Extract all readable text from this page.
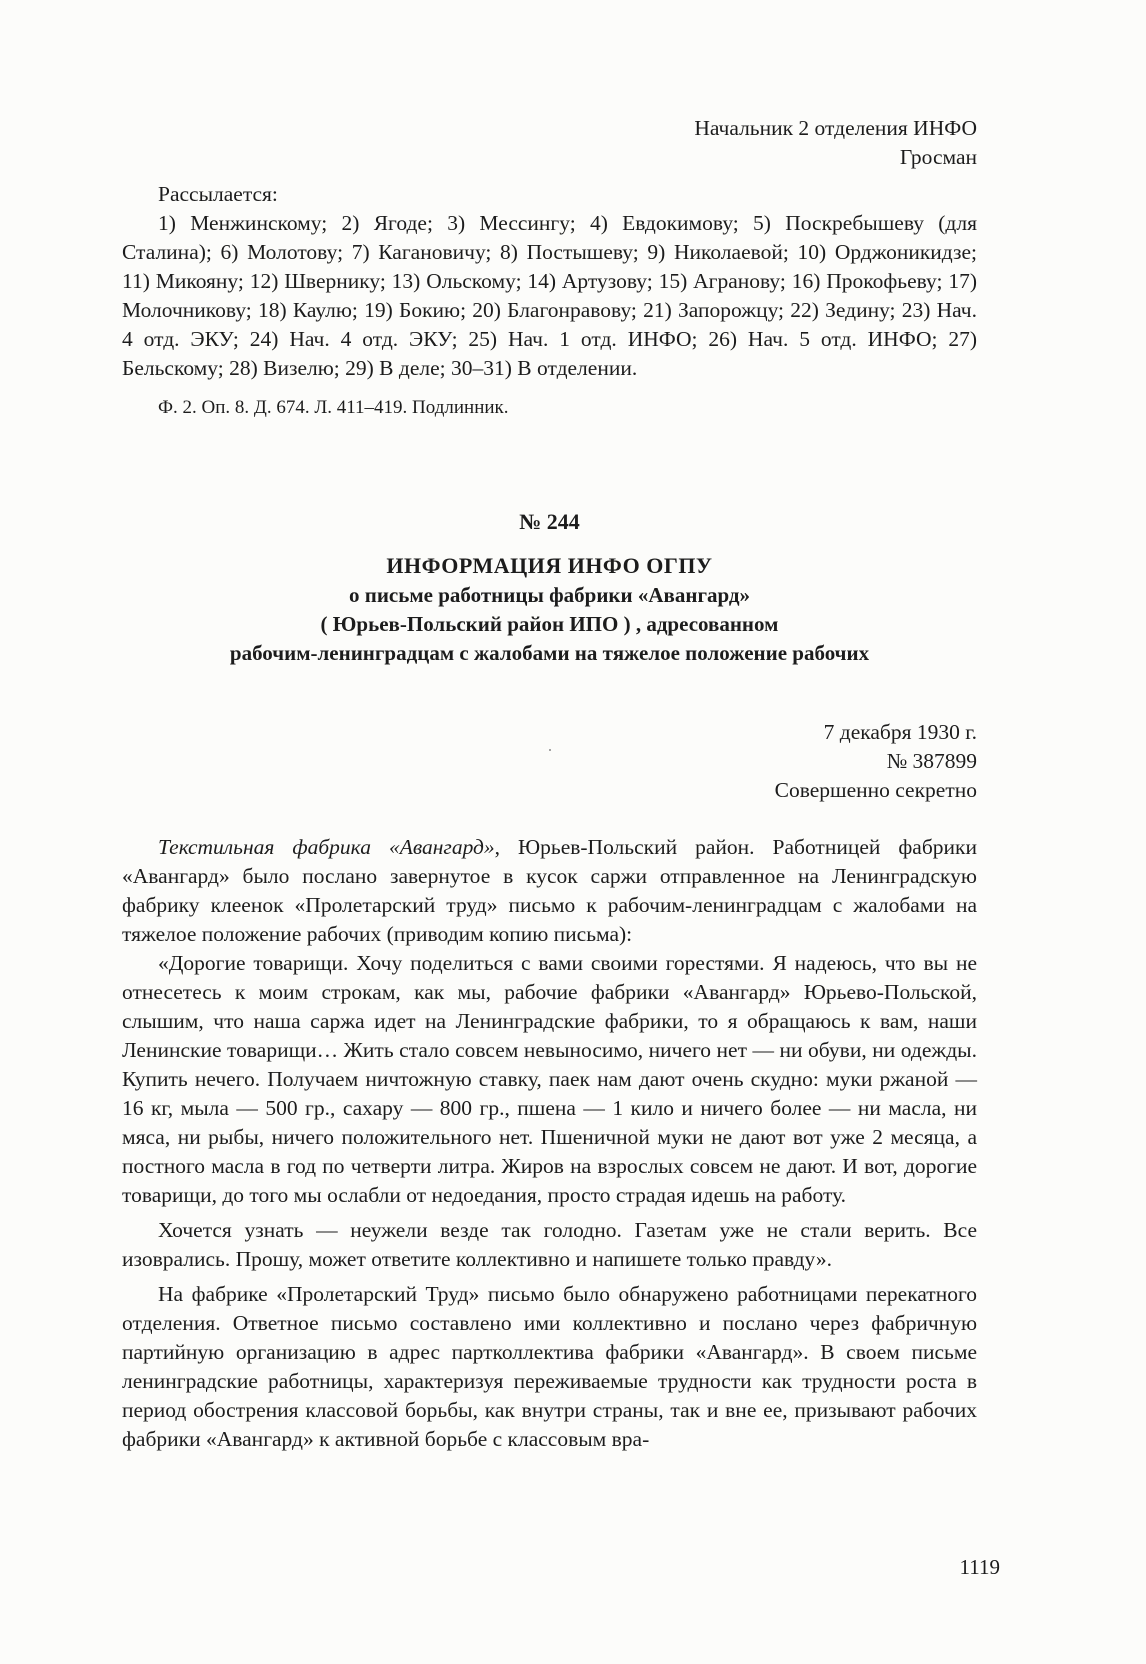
Начальник 2 отделения ИНФО

Гросман

Рассылается:

1) Менжинскому; 2) Ягоде; 3) Мессингу; 4) Евдокимову; 5) Поскребышеву (для Сталина); 6) Молотову; 7) Кагановичу; 8) Постышеву; 9) Николаевой; 10) Орджоникидзе; 11) Микояну; 12) Швернику; 13) Ольскому; 14) Артузову; 15) Агранову; 16) Прокофьеву; 17) Молочникову; 18) Каулю; 19) Бокию; 20) Благонравову; 21) Запорожцу; 22) Зедину; 23) Нач. 4 отд. ЭКУ; 24) Нач. 4 отд. ЭКУ; 25) Нач. 1 отд. ИНФО; 26) Нач. 5 отд. ИНФО; 27) Бельскому; 28) Визелю; 29) В деле; 30–31) В отделении.

Ф. 2. Оп. 8. Д. 674. Л. 411–419. Подлинник.

№ 244
ИНФОРМАЦИЯ ИНФО ОГПУ

о письме работницы фабрики «Авангард»

( Юрьев-Польский район ИПО ) , адресованном

рабочим-ленинградцам с жалобами на тяжелое положение рабочих

7 декабря 1930 г.

№ 387899

Совершенно секретно

Текстильная фабрика «Авангард», Юрьев-Польский район. Работницей фабрики «Авангард» было послано завернутое в кусок саржи отправленное на Ленинградскую фабрику клеенок «Пролетарский труд» письмо к рабочим-ленинградцам с жалобами на тяжелое положение рабочих (приводим копию письма):

«Дорогие товарищи. Хочу поделиться с вами своими горестями. Я надеюсь, что вы не отнесетесь к моим строкам, как мы, рабочие фабрики «Авангард» Юрьево-Польской, слышим, что наша саржа идет на Ленинградские фабрики, то я обращаюсь к вам, наши Ленинские товарищи… Жить стало совсем невыносимо, ничего нет — ни обуви, ни одежды. Купить нечего. Получаем ничтожную ставку, паек нам дают очень скудно: муки ржаной — 16 кг, мыла — 500 гр., сахару — 800 гр., пшена — 1 кило и ничего более — ни масла, ни мяса, ни рыбы, ничего положительного нет. Пшеничной муки не дают вот уже 2 месяца, а постного масла в год по четверти литра. Жиров на взрослых совсем не дают. И вот, дорогие товарищи, до того мы ослабли от недоедания, просто страдая идешь на работу.

Хочется узнать — неужели везде так голодно. Газетам уже не стали верить. Все изоврались. Прошу, может ответите коллективно и напишете только правду».

На фабрике «Пролетарский Труд» письмо было обнаружено работницами перекатного отделения. Ответное письмо составлено ими коллективно и послано через фабричную партийную организацию в адрес партколлектива фабрики «Авангард». В своем письме ленинградские работницы, характеризуя переживаемые трудности как трудности роста в период обострения классовой борьбы, как внутри страны, так и вне ее, призывают рабочих фабрики «Авангард» к активной борьбе с классовым вра-

1119
